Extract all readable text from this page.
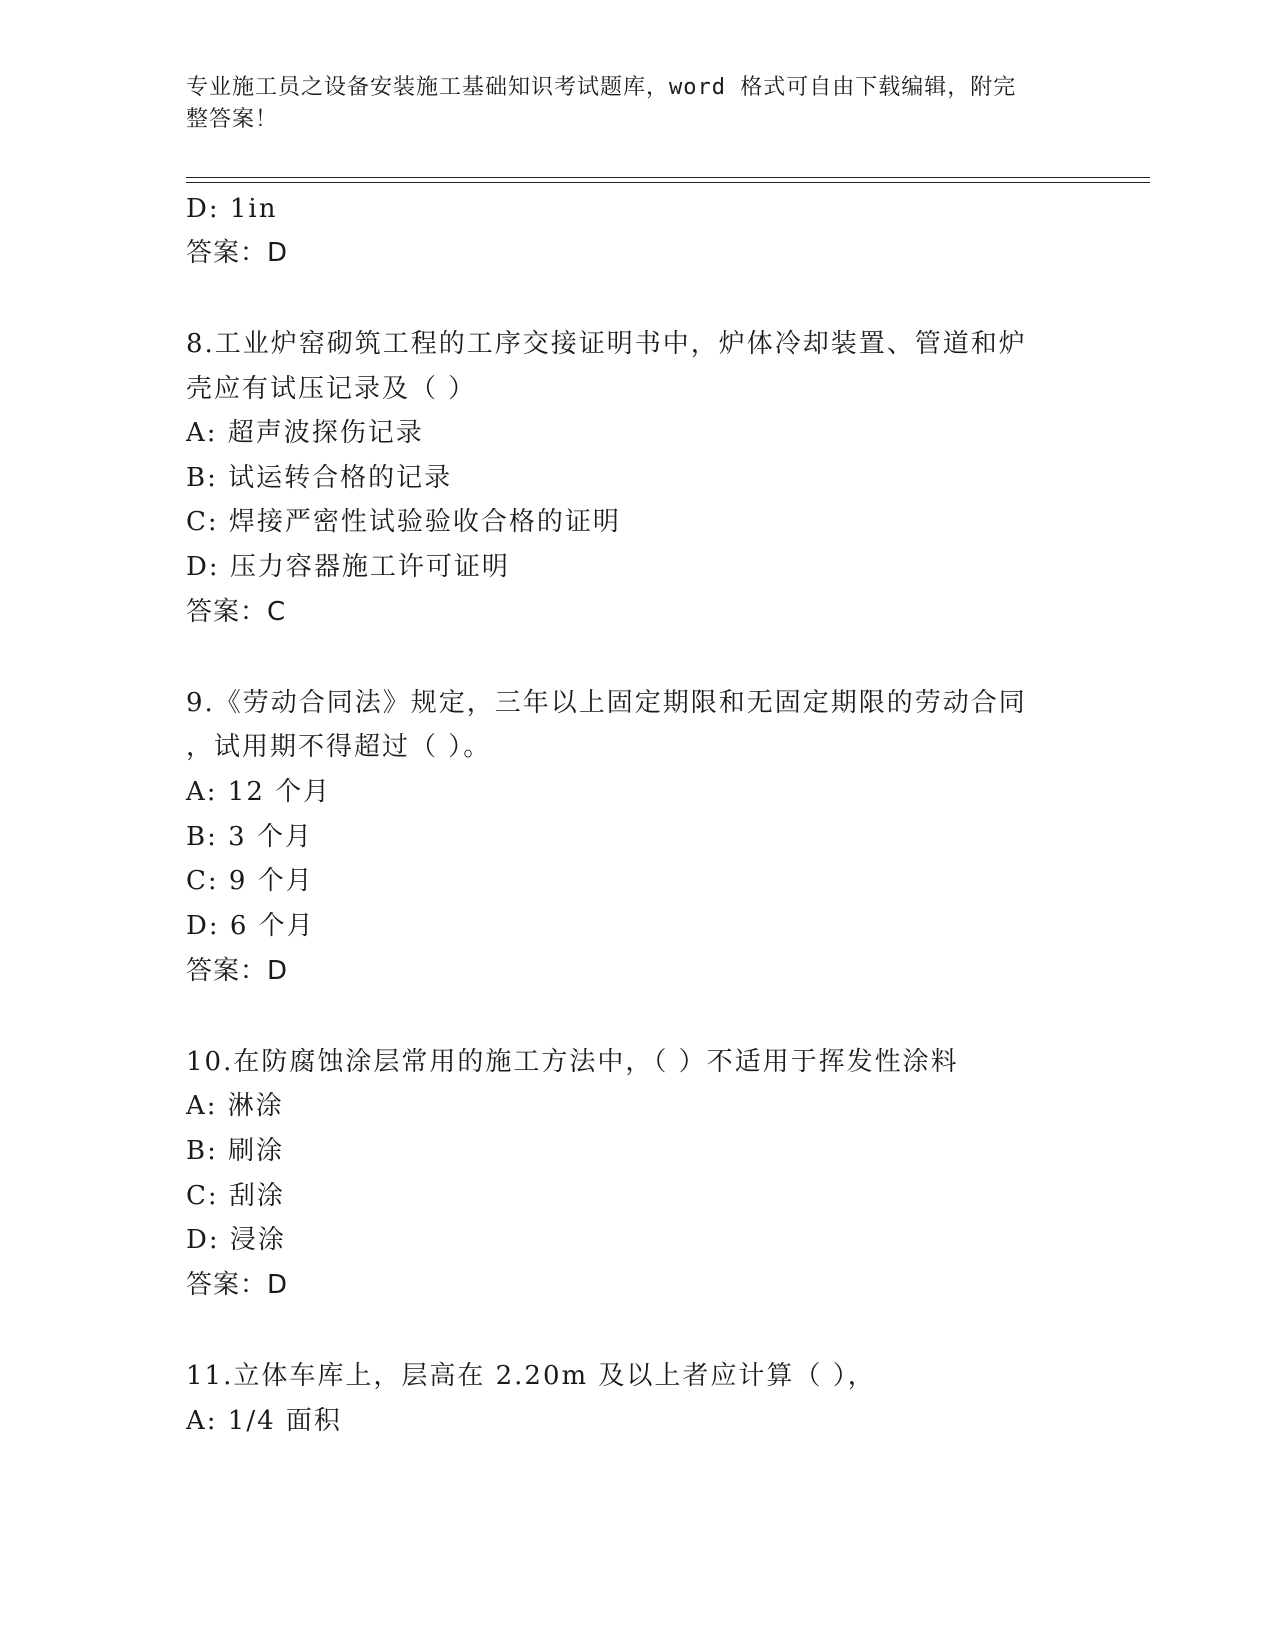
专业施工员之设备安装施工基础知识考试题库，word 格式可自由下载编辑，附完
整答案！
D: 1in
答案：D
8.工业炉窑砌筑工程的工序交接证明书中，炉体冷却装置、管道和炉
壳应有试压记录及（ ）
A: 超声波探伤记录
B: 试运转合格的记录
C: 焊接严密性试验验收合格的证明
D: 压力容器施工许可证明
答案：C
9.《劳动合同法》规定，三年以上固定期限和无固定期限的劳动合同
，试用期不得超过（ ）。
A: 12 个月
B: 3 个月
C: 9 个月
D: 6 个月
答案：D
10.在防腐蚀涂层常用的施工方法中，（ ）不适用于挥发性涂料
A: 淋涂
B: 刷涂
C: 刮涂
D: 浸涂
答案：D
11.立体车库上，层高在 2.20m 及以上者应计算（ ），
A: 1/4 面积
